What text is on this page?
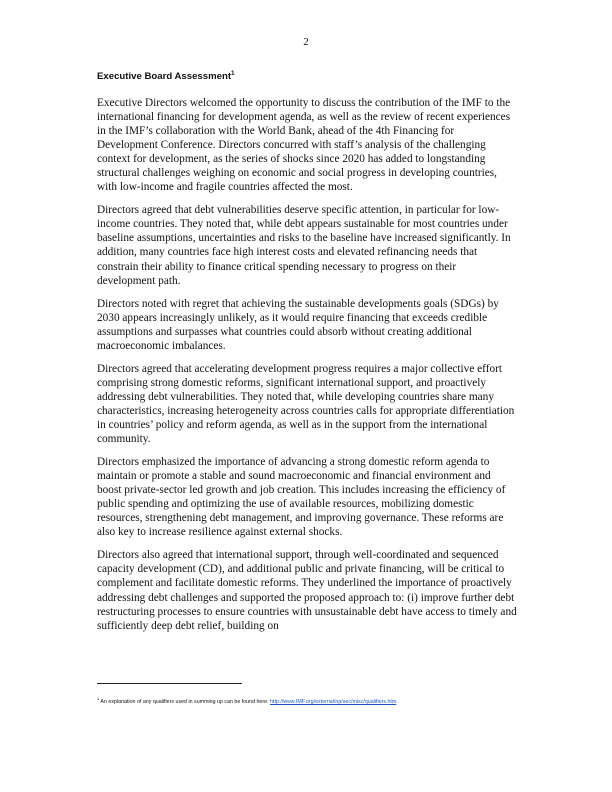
2
Executive Board Assessment$^1$

Executive Directors welcomed the opportunity to discuss the contribution of the IMF to the international financing for development agenda, as well as the review of recent experiences in the IMF’s collaboration with the World Bank, ahead of the 4th Financing for Development Conference. Directors concurred with staff’s analysis of the challenging context for development, as the series of shocks since 2020 has added to longstanding structural challenges weighing on economic and social progress in developing countries, with low-income and fragile countries affected the most.

Directors agreed that debt vulnerabilities deserve specific attention, in particular for low-income countries. They noted that, while debt appears sustainable for most countries under baseline assumptions, uncertainties and risks to the baseline have increased significantly. In addition, many countries face high interest costs and elevated refinancing needs that constrain their ability to finance critical spending necessary to progress on their development path.

Directors noted with regret that achieving the sustainable developments goals (SDGs) by 2030 appears increasingly unlikely, as it would require financing that exceeds credible assumptions and surpasses what countries could absorb without creating additional macroeconomic imbalances.

Directors agreed that accelerating development progress requires a major collective effort comprising strong domestic reforms, significant international support, and proactively addressing debt vulnerabilities. They noted that, while developing countries share many characteristics, increasing heterogeneity across countries calls for appropriate differentiation in countries’ policy and reform agenda, as well as in the support from the international community.

Directors emphasized the importance of advancing a strong domestic reform agenda to maintain or promote a stable and sound macroeconomic and financial environment and boost private-sector led growth and job creation. This includes increasing the efficiency of public spending and optimizing the use of available resources, mobilizing domestic resources, strengthening debt management, and improving governance. These reforms are also key to increase resilience against external shocks.

Directors also agreed that international support, through well-coordinated and sequenced capacity development (CD), and additional public and private financing, will be critical to complement and facilitate domestic reforms. They underlined the importance of proactively addressing debt challenges and supported the proposed approach to: (i) improve further debt restructuring processes to ensure countries with unsustainable debt have access to timely and sufficiently deep debt relief, building on

$^1$ An explanation of any qualifiers used in summing up can be found here: http://www.IMF.org/external/np/sec/misc/qualifiers.htm.
